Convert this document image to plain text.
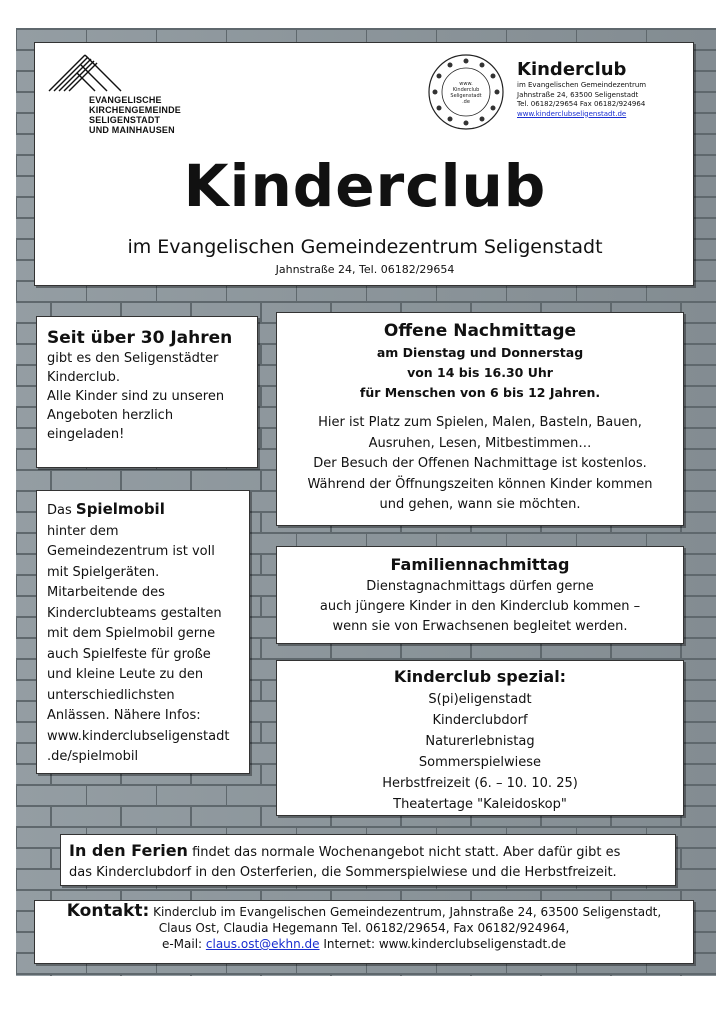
EVANGELISCHE
KIRCHENGEMEINDE
SELIGENSTADT
UND MAINHAUSEN
www.
Kinderclub
Seligenstadt
.de
Kinderclub
im Evangelischen Gemeindezentrum
Jahnstraße 24, 63500 Seligenstadt
Tel. 06182/29654 Fax 06182/924964
www.kinderclubseligenstadt.de
Kinderclub
im Evangelischen Gemeindezentrum Seligenstadt
Jahnstraße 24, Tel. 06182/29654
Seit über 30 Jahren
gibt es den Seligenstädter
Kinderclub.
Alle Kinder sind zu unseren
Angeboten herzlich
eingeladen!
Das Spielmobil
hinter dem
Gemeindezentrum ist voll
mit Spielgeräten.
Mitarbeitende des
Kinderclubteams gestalten
mit dem Spielmobil gerne
auch Spielfeste für große
und kleine Leute zu den
unterschiedlichsten
Anlässen. Nähere Infos:
www.kinderclubseligenstadt
.de/spielmobil
Offene Nachmittage
am Dienstag und Donnerstag
von 14 bis 16.30 Uhr
für Menschen von 6 bis 12 Jahren.
Hier ist Platz zum Spielen, Malen, Basteln, Bauen,
Ausruhen, Lesen, Mitbestimmen…
Der Besuch der Offenen Nachmittage ist kostenlos.
Während der Öffnungszeiten können Kinder kommen
und gehen, wann sie möchten.
Familiennachmittag
Dienstagnachmittags dürfen gerne
auch jüngere Kinder in den Kinderclub kommen –
wenn sie von Erwachsenen begleitet werden.
Kinderclub spezial:
S(pi)eligenstadt
Kinderclubdorf
Naturerlebnistag
Sommerspielwiese
Herbstfreizeit (6. – 10. 10. 25)
Theatertage "Kaleidoskop"
In den Ferien findet das normale Wochenangebot nicht statt. Aber dafür gibt es
das Kinderclubdorf in den Osterferien, die Sommerspielwiese und die Herbstfreizeit.
Kontakt: Kinderclub im Evangelischen Gemeindezentrum, Jahnstraße 24, 63500 Seligenstadt,
Claus Ost, Claudia Hegemann Tel. 06182/29654, Fax 06182/924964,
e-Mail: claus.ost@ekhn.de Internet: www.kinderclubseligenstadt.de
